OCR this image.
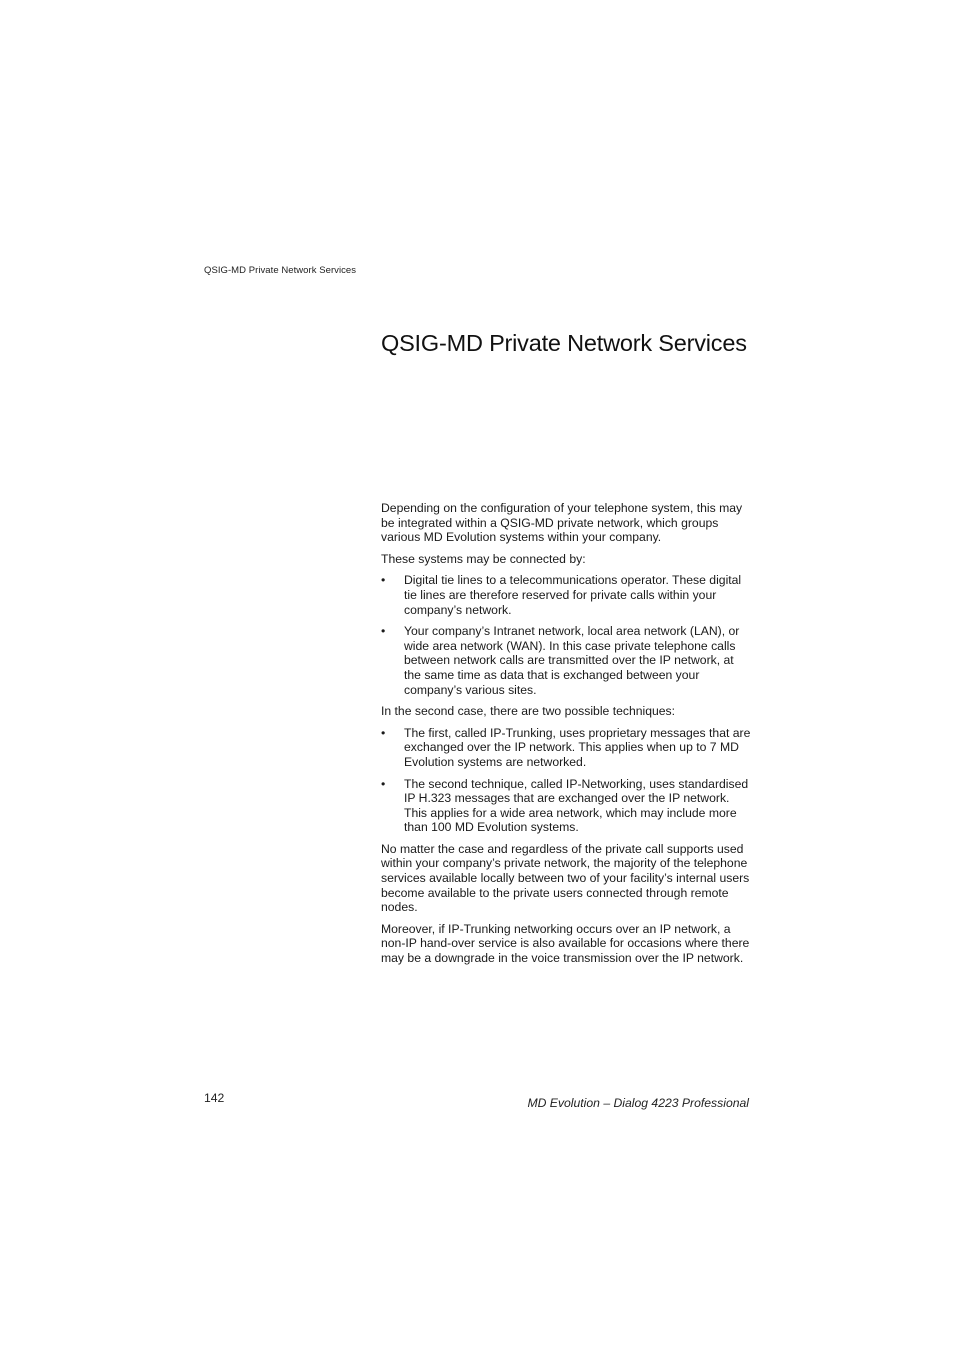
QSIG-MD Private Network Services
QSIG-MD Private Network Services

Depending on the configuration of your telephone system, this may be integrated within a QSIG-MD private network, which groups various MD Evolution systems within your company.

These systems may be connected by:

• Digital tie lines to a telecommunications operator. These digital tie lines are therefore reserved for private calls within your company’s network.
• Your company’s Intranet network, local area network (LAN), or wide area network (WAN). In this case private telephone calls between network calls are transmitted over the IP network, at the same time as data that is exchanged between your company’s various sites.

In the second case, there are two possible techniques:

• The first, called IP-Trunking, uses proprietary messages that are exchanged over the IP network. This applies when up to 7 MD Evolution systems are networked.
• The second technique, called IP-Networking, uses standardised IP H.323 messages that are exchanged over the IP network. This applies for a wide area network, which may include more than 100 MD Evolution systems.

No matter the case and regardless of the private call supports used within your company’s private network, the majority of the telephone services available locally between two of your facility’s internal users become available to the private users connected through remote nodes.

Moreover, if IP-Trunking networking occurs over an IP network, a non-IP hand-over service is also available for occasions where there may be a downgrade in the voice transmission over the IP network.

142	MD Evolution – Dialog 4223 Professional
